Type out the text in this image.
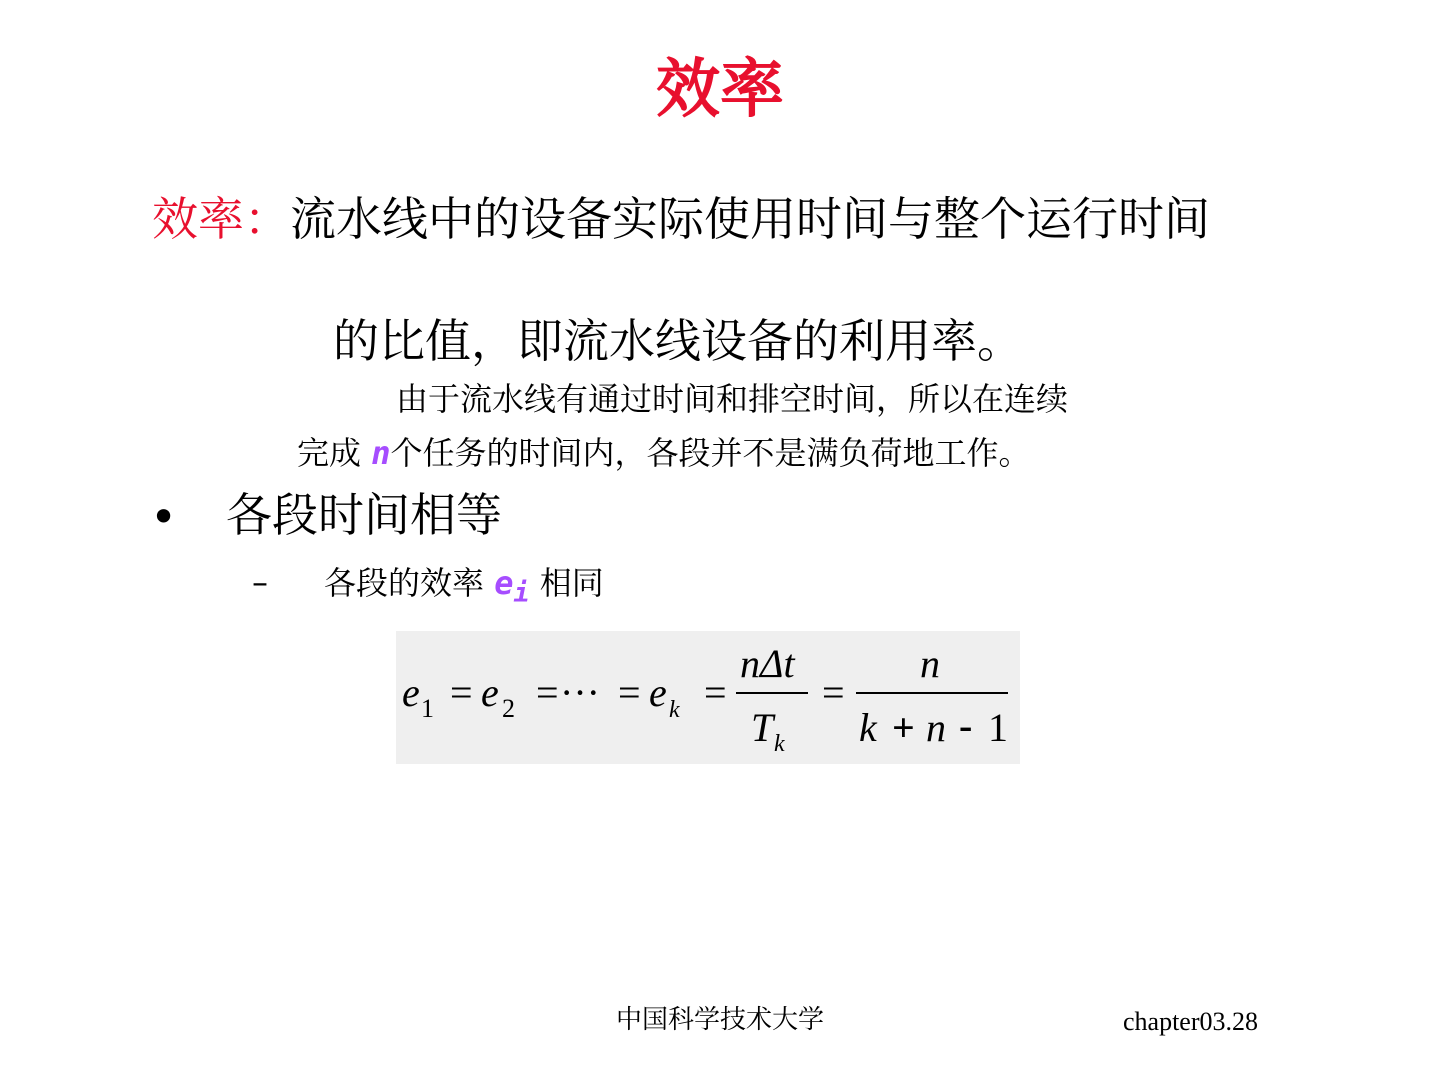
效率
效率：流水线中的设备实际使用时间与整个运行时间
的比值，即流水线设备的利用率。
由于流水线有通过时间和排空时间，所以在连续
完成 n个任务的时间内，各段并不是满负荷地工作。
• 各段时间相等
– 各段的效率 $e_i$ 相同
e 1 = e 2 = ··· = e k =
nΔt
T k
=
n
k + n - 1
中国科学技术大学	chapter03.28
